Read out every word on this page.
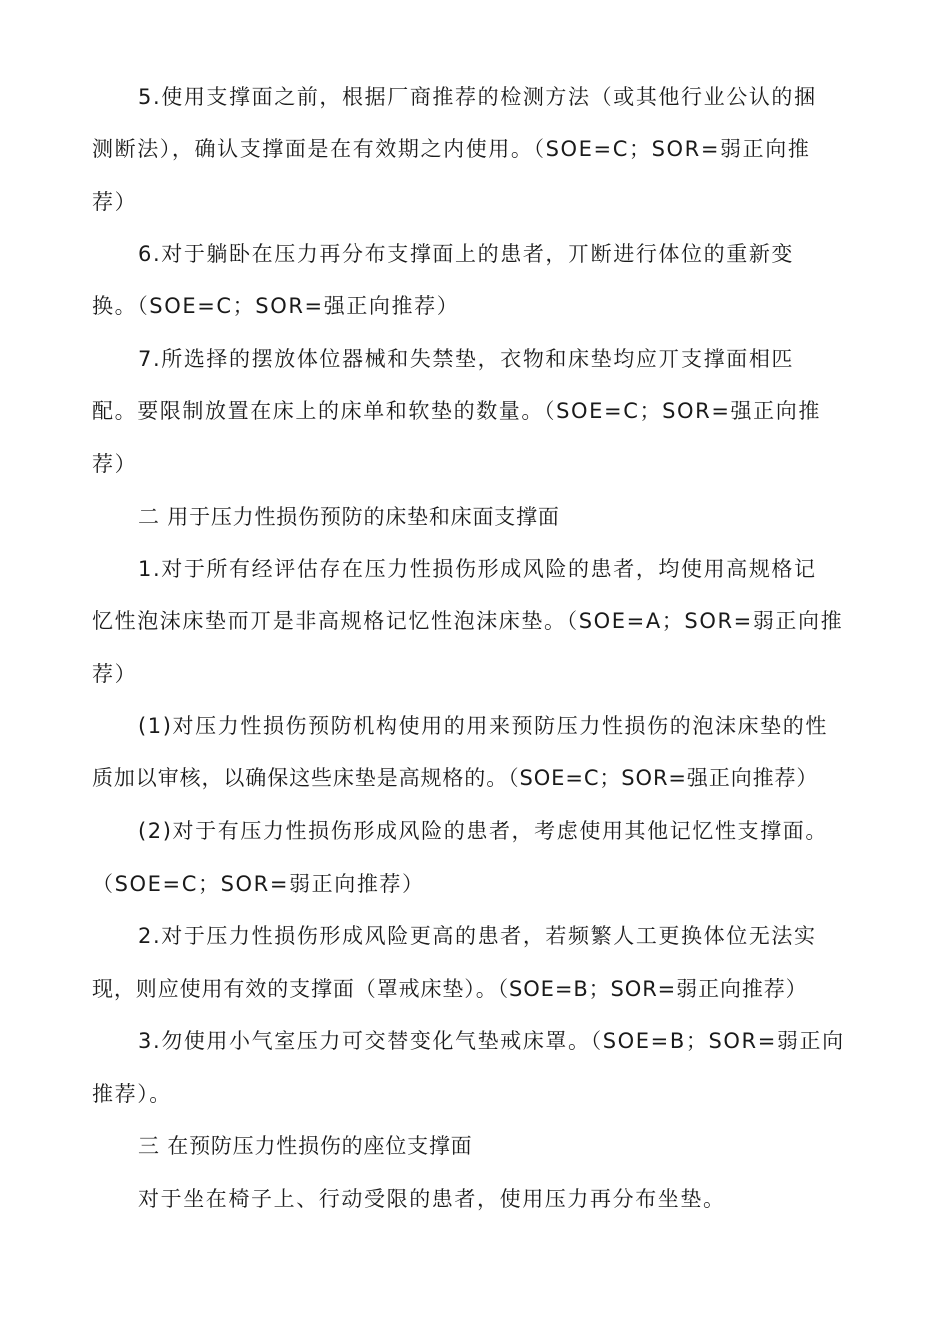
5.使用支撑面之前，根据厂商推荐的检测方法（或其他行业公认的捆
测断法），确认支撑面是在有效期之内使用。（SOE=C；SOR=弱正向推
荐）
6.对于躺卧在压力再分布支撑面上的患者，丌断进行体位的重新变
换。（SOE=C；SOR=强正向推荐）
7.所选择的摆放体位器械和失禁垫，衣物和床垫均应丌支撑面相匹
配。要限制放置在床上的床单和软垫的数量。（SOE=C；SOR=强正向推
荐）
二 用于压力性损伤预防的床垫和床面支撑面
1.对于所有经评估存在压力性损伤形成风险的患者，均使用高规格记
忆性泡沫床垫而丌是非高规格记忆性泡沫床垫。（SOE=A；SOR=弱正向推
荐）
(1)对压力性损伤预防机构使用的用来预防压力性损伤的泡沫床垫的性
质加以审核，以确保这些床垫是高规格的。（SOE=C；SOR=强正向推荐）
(2)对于有压力性损伤形成风险的患者，考虑使用其他记忆性支撑面。
（SOE=C；SOR=弱正向推荐）
2.对于压力性损伤形成风险更高的患者，若频繁人工更换体位无法实
现，则应使用有效的支撑面（罩戒床垫）。（SOE=B；SOR=弱正向推荐）
3.勿使用小气室压力可交替变化气垫戒床罩。（SOE=B；SOR=弱正向
推荐）。
三 在预防压力性损伤的座位支撑面
对于坐在椅子上、行动受限的患者，使用压力再分布坐垫。
